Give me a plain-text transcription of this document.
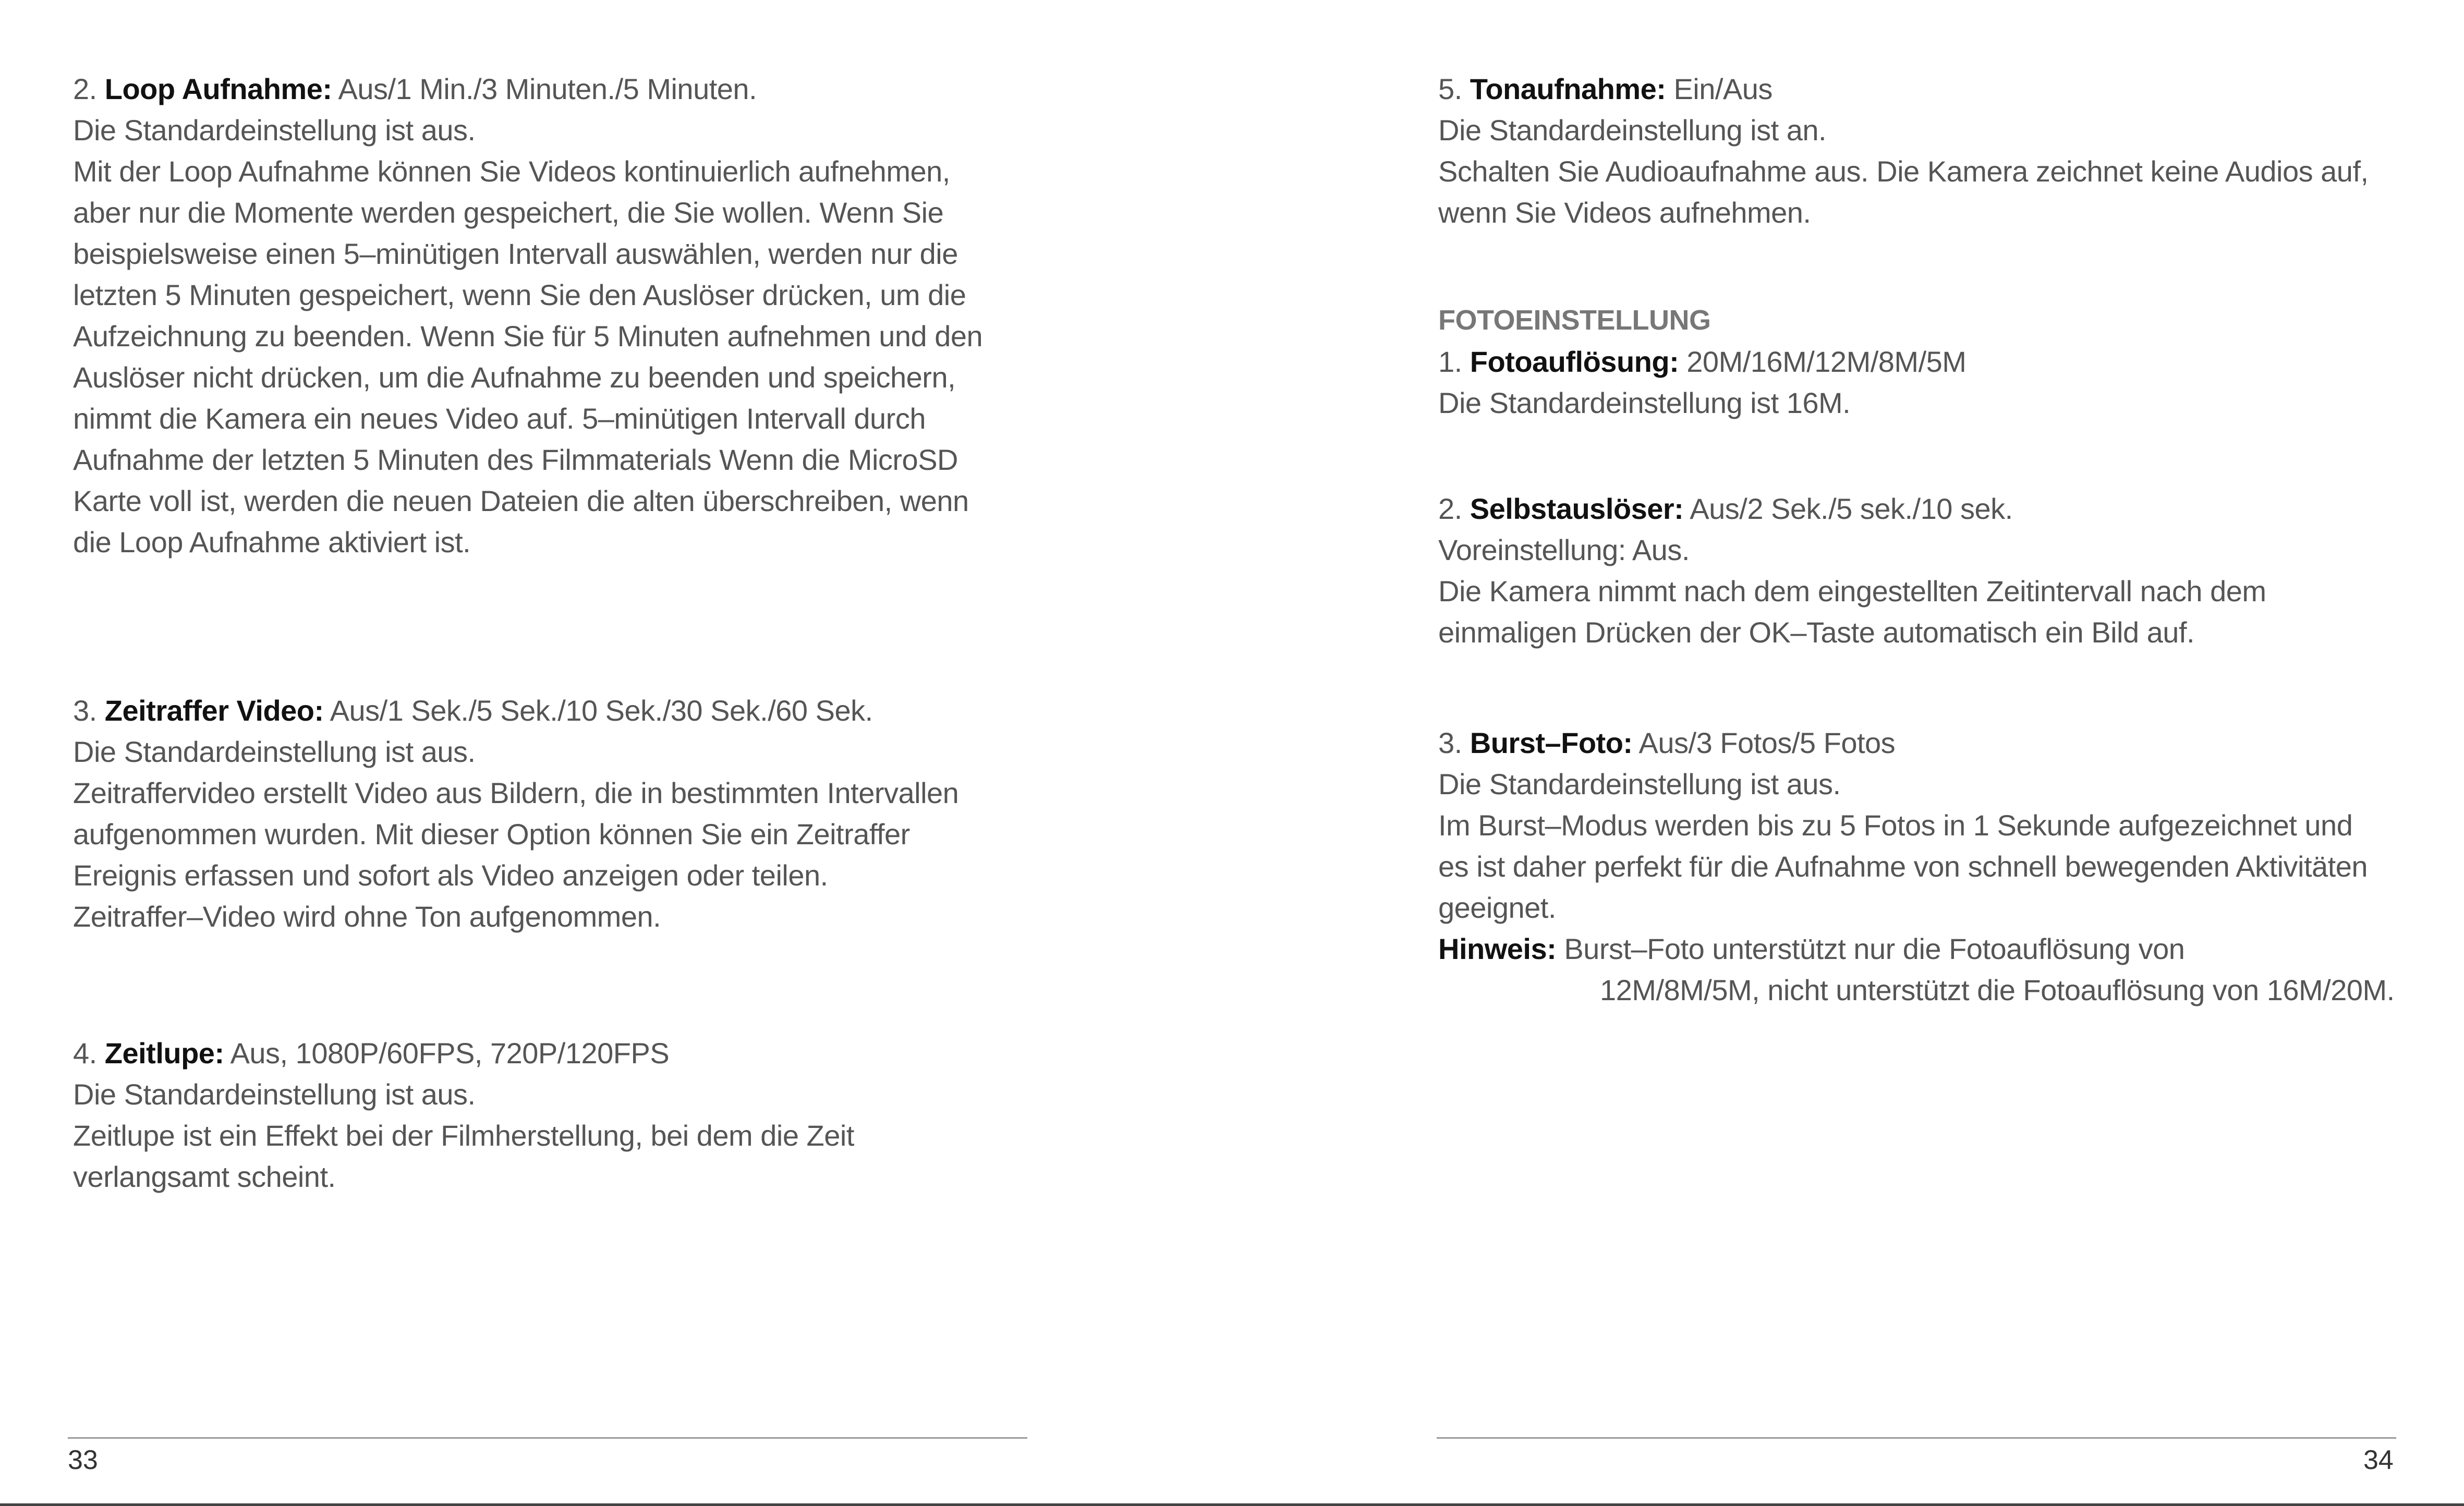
2. Loop Aufnahme: Aus/1 Min./3 Minuten./5 Minuten.

Die Standardeinstellung ist aus.

Mit der Loop Aufnahme können Sie Videos kontinuierlich aufnehmen,

aber nur die Momente werden gespeichert, die Sie wollen. Wenn Sie

beispielsweise einen 5–minütigen Intervall auswählen, werden nur die

letzten 5 Minuten gespeichert, wenn Sie den Auslöser drücken, um die

Aufzeichnung zu beenden. Wenn Sie für 5 Minuten aufnehmen und den

Auslöser nicht drücken, um die Aufnahme zu beenden und speichern,

nimmt die Kamera ein neues Video auf. 5–minütigen Intervall durch

Aufnahme der letzten 5 Minuten des Filmmaterials Wenn die MicroSD

Karte voll ist, werden die neuen Dateien die alten überschreiben, wenn

die Loop Aufnahme aktiviert ist.

3. Zeitraffer Video: Aus/1 Sek./5 Sek./10 Sek./30 Sek./60 Sek.

Die Standardeinstellung ist aus.

Zeitraffervideo erstellt Video aus Bildern, die in bestimmten Intervallen

aufgenommen wurden. Mit dieser Option können Sie ein Zeitraffer

Ereignis erfassen und sofort als Video anzeigen oder teilen.

Zeitraffer–Video wird ohne Ton aufgenommen.

4. Zeitlupe: Aus, 1080P/60FPS, 720P/120FPS

Die Standardeinstellung ist aus.

Zeitlupe ist ein Effekt bei der Filmherstellung, bei dem die Zeit

verlangsamt scheint.

33

5. Tonaufnahme: Ein/Aus

Die Standardeinstellung ist an.

Schalten Sie Audioaufnahme aus. Die Kamera zeichnet keine Audios auf,

wenn Sie Videos aufnehmen.

FOTOEINSTELLUNG

1. Fotoauflösung: 20M/16M/12M/8M/5M

Die Standardeinstellung ist 16M.

2. Selbstauslöser: Aus/2 Sek./5 sek./10 sek.

Voreinstellung: Aus.

Die Kamera nimmt nach dem eingestellten Zeitintervall nach dem

einmaligen Drücken der OK–Taste automatisch ein Bild auf.

3. Burst–Foto: Aus/3 Fotos/5 Fotos

Die Standardeinstellung ist aus.

Im Burst–Modus werden bis zu 5 Fotos in 1 Sekunde aufgezeichnet und

es ist daher perfekt für die Aufnahme von schnell bewegenden Aktivitäten

geeignet.

Hinweis: Burst–Foto unterstützt nur die Fotoauflösung von

12M/8M/5M, nicht unterstützt die Fotoauflösung von 16M/20M.

34
